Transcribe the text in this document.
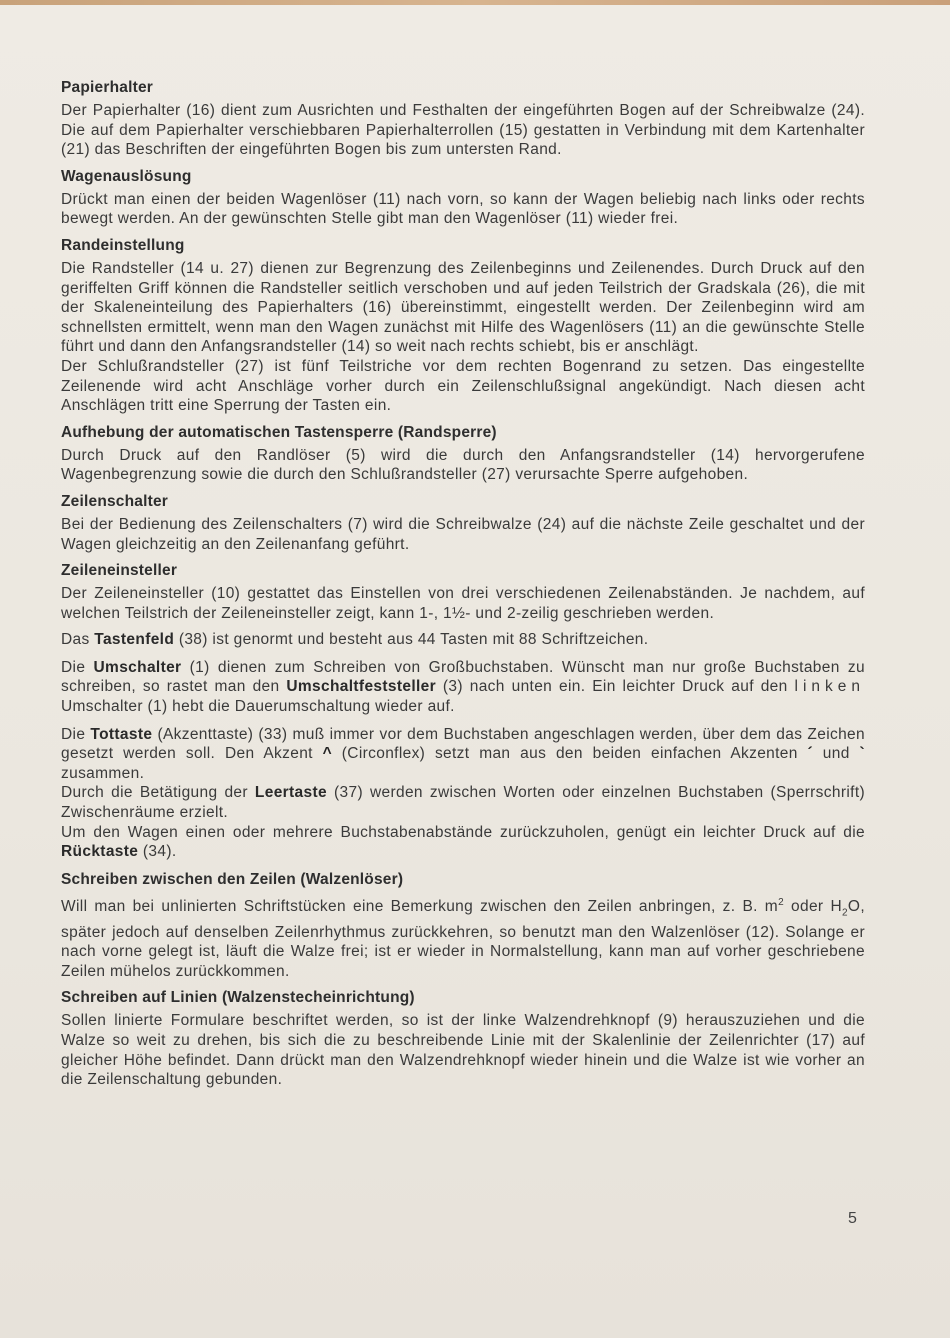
Papierhalter

Der Papierhalter (16) dient zum Ausrichten und Festhalten der eingeführten Bogen auf der Schreibwalze (24). Die auf dem Papierhalter verschiebbaren Papierhalterrollen (15) gestatten in Verbindung mit dem Kartenhalter (21) das Beschriften der eingeführten Bogen bis zum untersten Rand.

Wagenauslösung

Drückt man einen der beiden Wagenlöser (11) nach vorn, so kann der Wagen beliebig nach links oder rechts bewegt werden. An der gewünschten Stelle gibt man den Wagenlöser (11) wieder frei.

Randeinstellung

Die Randsteller (14 u. 27) dienen zur Begrenzung des Zeilenbeginns und Zeilenendes. Durch Druck auf den geriffelten Griff können die Randsteller seitlich verschoben und auf jeden Teilstrich der Gradskala (26), die mit der Skaleneinteilung des Papierhalters (16) übereinstimmt, eingestellt werden. Der Zeilenbeginn wird am schnellsten ermittelt, wenn man den Wagen zunächst mit Hilfe des Wagenlösers (11) an die gewünschte Stelle führt und dann den Anfangsrandsteller (14) so weit nach rechts schiebt, bis er anschlägt.

Der Schlußrandsteller (27) ist fünf Teilstriche vor dem rechten Bogenrand zu setzen. Das eingestellte Zeilenende wird acht Anschläge vorher durch ein Zeilenschlußsignal angekündigt. Nach diesen acht Anschlägen tritt eine Sperrung der Tasten ein.

Aufhebung der automatischen Tastensperre (Randsperre)

Durch Druck auf den Randlöser (5) wird die durch den Anfangsrandsteller (14) hervorgerufene Wagenbegrenzung sowie die durch den Schlußrandsteller (27) verursachte Sperre aufgehoben.

Zeilenschalter

Bei der Bedienung des Zeilenschalters (7) wird die Schreibwalze (24) auf die nächste Zeile geschaltet und der Wagen gleichzeitig an den Zeilenanfang geführt.

Zeileneinsteller

Der Zeileneinsteller (10) gestattet das Einstellen von drei verschiedenen Zeilenabständen. Je nachdem, auf welchen Teilstrich der Zeileneinsteller zeigt, kann 1-, 1½- und 2-zeilig geschrieben werden.

Das Tastenfeld (38) ist genormt und besteht aus 44 Tasten mit 88 Schriftzeichen.

Die Umschalter (1) dienen zum Schreiben von Großbuchstaben. Wünscht man nur große Buchstaben zu schreiben, so rastet man den Umschaltfeststeller (3) nach unten ein. Ein leichter Druck auf den linken Umschalter (1) hebt die Dauerumschaltung wieder auf.

Die Tottaste (Akzenttaste) (33) muß immer vor dem Buchstaben angeschlagen werden, über dem das Zeichen gesetzt werden soll. Den Akzent ^ (Circonflex) setzt man aus den beiden einfachen Akzenten ´ und ` zusammen.

Durch die Betätigung der Leertaste (37) werden zwischen Worten oder einzelnen Buchstaben (Sperrschrift) Zwischenräume erzielt.

Um den Wagen einen oder mehrere Buchstabenabstände zurückzuholen, genügt ein leichter Druck auf die Rücktaste (34).

Schreiben zwischen den Zeilen (Walzenlöser)

Will man bei unlinierten Schriftstücken eine Bemerkung zwischen den Zeilen anbringen, z. B. $m^2$ oder $H_2O$, später jedoch auf denselben Zeilenrhythmus zurückkehren, so benutzt man den Walzenlöser (12). Solange er nach vorne gelegt ist, läuft die Walze frei; ist er wieder in Normalstellung, kann man auf vorher geschriebene Zeilen mühelos zurückkommen.

Schreiben auf Linien (Walzenstecheinrichtung)

Sollen linierte Formulare beschriftet werden, so ist der linke Walzendrehknopf (9) herauszuziehen und die Walze so weit zu drehen, bis sich die zu beschreibende Linie mit der Skalenlinie der Zeilenrichter (17) auf gleicher Höhe befindet. Dann drückt man den Walzendrehknopf wieder hinein und die Walze ist wie vorher an die Zeilenschaltung gebunden.

5
